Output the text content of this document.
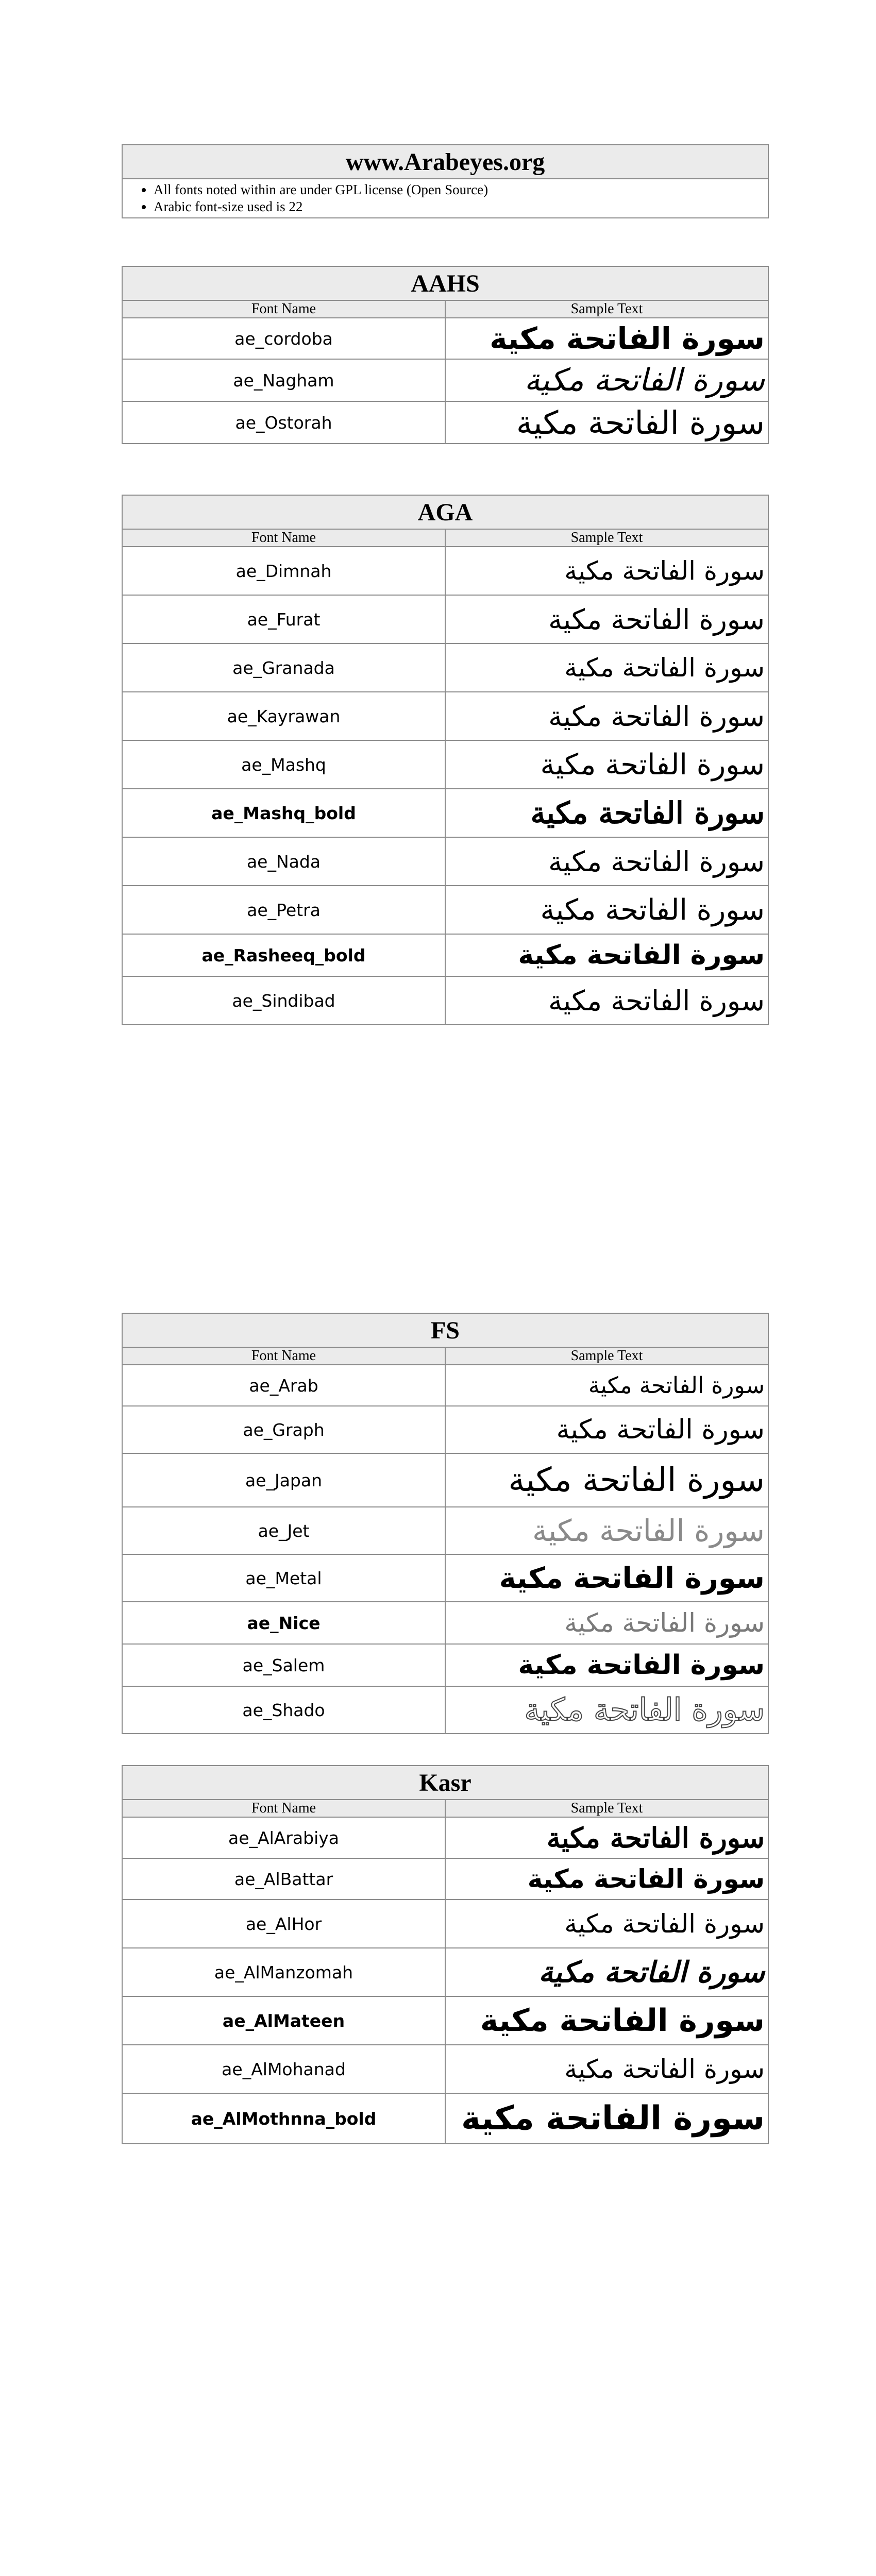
www.Arabeyes.org

• All fonts noted within are under GPL license (Open Source)
• Arabic font-size used is 22
AAHS	
Font Name	Sample Text
ae_cordoba	سورة الفاتحة مكية
ae_Nagham	سورة الفاتحة مكية
ae_Ostorah	سورة الفاتحة مكية
AGA	
Font Name	Sample Text
ae_Dimnah	سورة الفاتحة مكية
ae_Furat	سورة الفاتحة مكية
ae_Granada	سورة الفاتحة مكية
ae_Kayrawan	سورة الفاتحة مكية
ae_Mashq	سورة الفاتحة مكية
ae_Mashq_bold	سورة الفاتحة مكية
ae_Nada	سورة الفاتحة مكية
ae_Petra	سورة الفاتحة مكية
ae_Rasheeq_bold	سورة الفاتحة مكية
ae_Sindibad	سورة الفاتحة مكية
FS	
Font Name	Sample Text
ae_Arab	سورة الفاتحة مكية
ae_Graph	سورة الفاتحة مكية
ae_Japan	سورة الفاتحة مكية
ae_Jet	سورة الفاتحة مكية
ae_Metal	سورة الفاتحة مكية
ae_Nice	سورة الفاتحة مكية
ae_Salem	سورة الفاتحة مكية
ae_Shado	سورة الفاتحة مكية
Kasr	
Font Name	Sample Text
ae_AlArabiya	سورة الفاتحة مكية
ae_AlBattar	سورة الفاتحة مكية
ae_AlHor	سورة الفاتحة مكية
ae_AlManzomah	سورة الفاتحة مكية
ae_AlMateen	سورة الفاتحة مكية
ae_AlMohanad	سورة الفاتحة مكية
ae_AlMothnna_bold	سورة الفاتحة مكية
